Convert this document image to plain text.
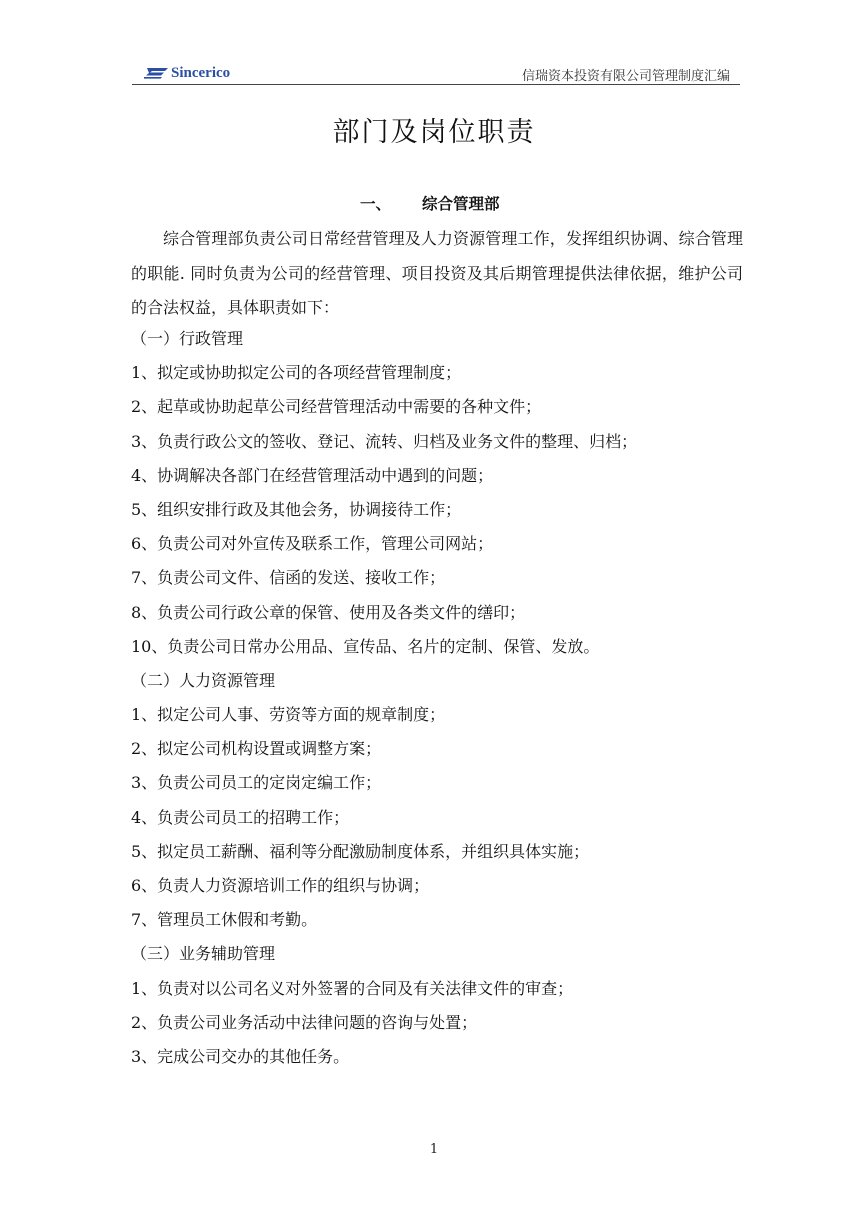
Sincerico	信瑞资本投资有限公司管理制度汇编
部门及岗位职责
一、 综合管理部

综合管理部负责公司日常经营管理及人力资源管理工作，发挥组织协调、综合管理的职能. 同时负责为公司的经营管理、项目投资及其后期管理提供法律依据，维护公司的合法权益，具体职责如下：

（一）行政管理
1、拟定或协助拟定公司的各项经营管理制度；
2、起草或协助起草公司经营管理活动中需要的各种文件；
3、负责行政公文的签收、登记、流转、归档及业务文件的整理、归档；
4、协调解决各部门在经营管理活动中遇到的问题；
5、组织安排行政及其他会务，协调接待工作；
6、负责公司对外宣传及联系工作，管理公司网站；
7、负责公司文件、信函的发送、接收工作；
8、负责公司行政公章的保管、使用及各类文件的缮印；
10、负责公司日常办公用品、宣传品、名片的定制、保管、发放。
（二）人力资源管理
1、拟定公司人事、劳资等方面的规章制度；
2、拟定公司机构设置或调整方案；
3、负责公司员工的定岗定编工作；
4、负责公司员工的招聘工作；
5、拟定员工薪酬、福利等分配激励制度体系，并组织具体实施；
6、负责人力资源培训工作的组织与协调；
7、管理员工休假和考勤。
（三）业务辅助管理
1、负责对以公司名义对外签署的合同及有关法律文件的审查；
2、负责公司业务活动中法律问题的咨询与处置；
3、完成公司交办的其他任务。
1
